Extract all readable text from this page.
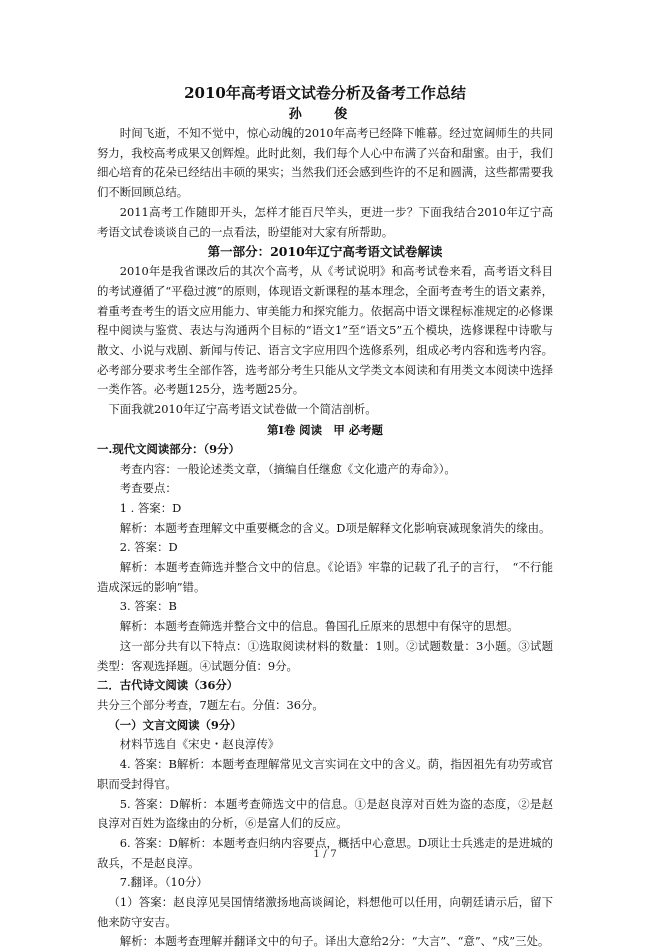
2010年高考语文试卷分析及备考工作总结

孙 俊

时间飞逝，不知不觉中，惊心动魄的2010年高考已经降下帷幕。经过宽阔师生的共同努力，我校高考成果又创辉煌。此时此刻，我们每个人心中布满了兴奋和甜蜜。由于，我们细心培育的花朵已经结出丰硕的果实；当然我们还会感到些许的不足和圆满，这些都需要我们不断回顾总结。

2011高考工作随即开头，怎样才能百尺竿头，更进一步？下面我结合2010年辽宁高考语文试卷谈谈自己的一点看法，盼望能对大家有所帮助。

第一部分：2010年辽宁高考语文试卷解读

2010年是我省课改后的其次个高考，从《考试说明》和高考试卷来看，高考语文科目的考试遵循了“平稳过渡”的原则，体现语文新课程的基本理念，全面考查考生的语文素养，着重考查考生的语文应用能力、审美能力和探究能力。依据高中语文课程标准规定的必修课程中阅读与鉴赏、表达与沟通两个目标的“语文1”至“语文5”五个模块，选修课程中诗歌与散文、小说与戏剧、新闻与传记、语言文字应用四个选修系列，组成必考内容和选考内容。必考部分要求考生全部作答，选考部分考生只能从文学类文本阅读和有用类文本阅读中选择一类作答。必考题125分，选考题25分。

下面我就2010年辽宁高考语文试卷做一个简洁剖析。

第Ⅰ卷 阅读　甲 必考题

一.现代文阅读部分：（9分）

考查内容：一般论述类文章，（摘编自任继愈《文化遗产的寿命》）。

考查要点：

1 . 答案：D

解析：本题考查理解文中重要概念的含义。D项是解释文化影响衰减现象消失的缘由。

2. 答案：D

解析：本题考查筛选并整合文中的信息。《论语》牢靠的记载了孔子的言行，　“不行能造成深远的影响”错。

3. 答案：B

解析：本题考查筛选并整合文中的信息。鲁国孔丘原来的思想中有保守的思想。

这一部分共有以下特点：①选取阅读材料的数量：1则。②试题数量：3小题。③试题类型：客观选择题。④试题分值：9分。

二．古代诗文阅读（36分）

共分三个部分考查，7题左右。分值：36分。

（一）文言文阅读（9分）

材料节选自《宋史・赵良淳传》

4. 答案：B解析：本题考查理解常见文言实词在文中的含义。荫，指因祖先有功劳或官职而受封得官。

5. 答案：D解析：本题考查筛选文中的信息。①是赵良淳对百姓为盗的态度，②是赵良淳对百姓为盗缘由的分析，⑥是富人们的反应。

6. 答案：D解析：本题考查归纳内容要点，概括中心意思。D项让士兵逃走的是进城的敌兵，不是赵良淳。

7.翻译。（10分）

（1）答案：赵良淳见吴国情绪激扬地高谈阔论，料想他可以任用，向朝廷请示后，留下他来防守安吉。

解析：本题考查理解并翻译文中的句子。译出大意给2分：“大言”、“意”、“戍”三处。

1 / 7
